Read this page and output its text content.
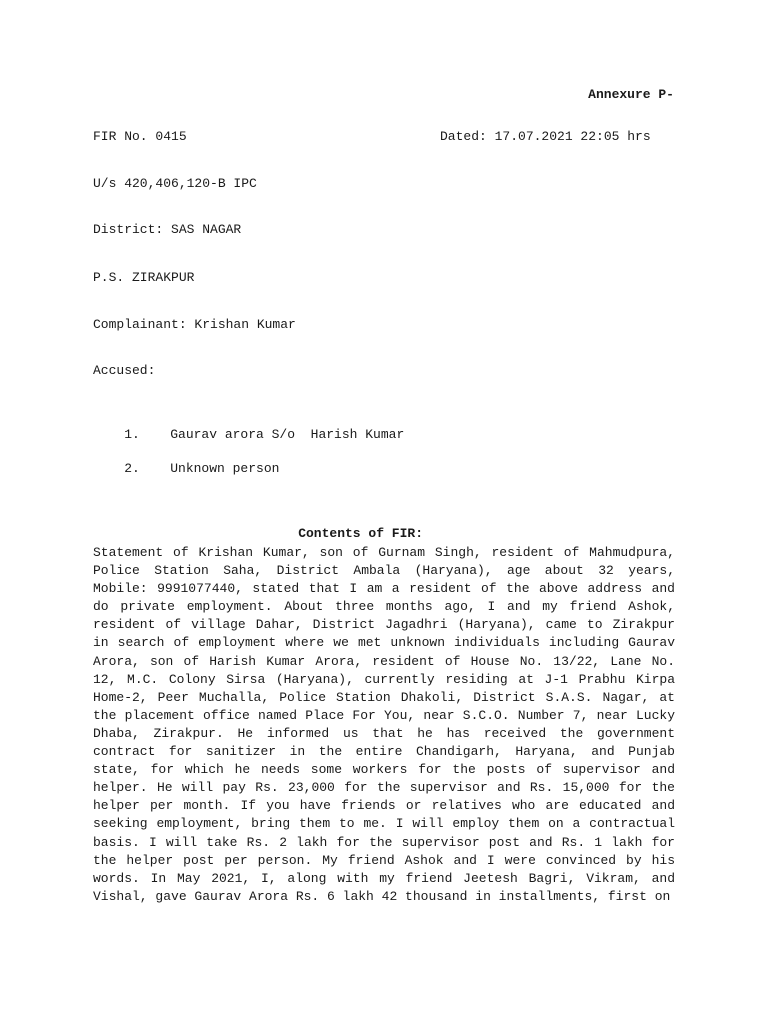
Annexure P-
FIR No. 0415	Dated: 17.07.2021 22:05 hrs
U/s 420,406,120-B IPC
District: SAS NAGAR
P.S. ZIRAKPUR
Complainant: Krishan Kumar
Accused:

1. Gaurav arora S/o  Harish Kumar

2. Unknown person

Contents of FIR:

Statement of Krishan Kumar, son of Gurnam Singh, resident of Mahmudpura, Police Station Saha, District Ambala (Haryana), age about 32 years, Mobile: 9991077440, stated that I am a resident of the above address and do private employment. About three months ago, I and my friend Ashok, resident of village Dahar, District Jagadhri (Haryana), came to Zirakpur in search of employment where we met unknown individuals including Gaurav Arora, son of Harish Kumar Arora, resident of House No. 13/22, Lane No. 12, M.C. Colony Sirsa (Haryana), currently residing at J-1 Prabhu Kirpa Home-2, Peer Muchalla, Police Station Dhakoli, District S.A.S. Nagar, at the placement office named Place For You, near S.C.O. Number 7, near Lucky Dhaba, Zirakpur. He informed us that he has received the government contract for sanitizer in the entire Chandigarh, Haryana, and Punjab state, for which he needs some workers for the posts of supervisor and helper. He will pay Rs. 23,000 for the supervisor and Rs. 15,000 for the helper per month. If you have friends or relatives who are educated and seeking employment, bring them to me. I will employ them on a contractual basis. I will take Rs. 2 lakh for the supervisor post and Rs. 1 lakh for the helper post per person. My friend Ashok and I were convinced by his words. In May 2021, I, along with my friend Jeetesh Bagri, Vikram, and Vishal, gave Gaurav Arora Rs. 6 lakh 42 thousand in installments, first on
